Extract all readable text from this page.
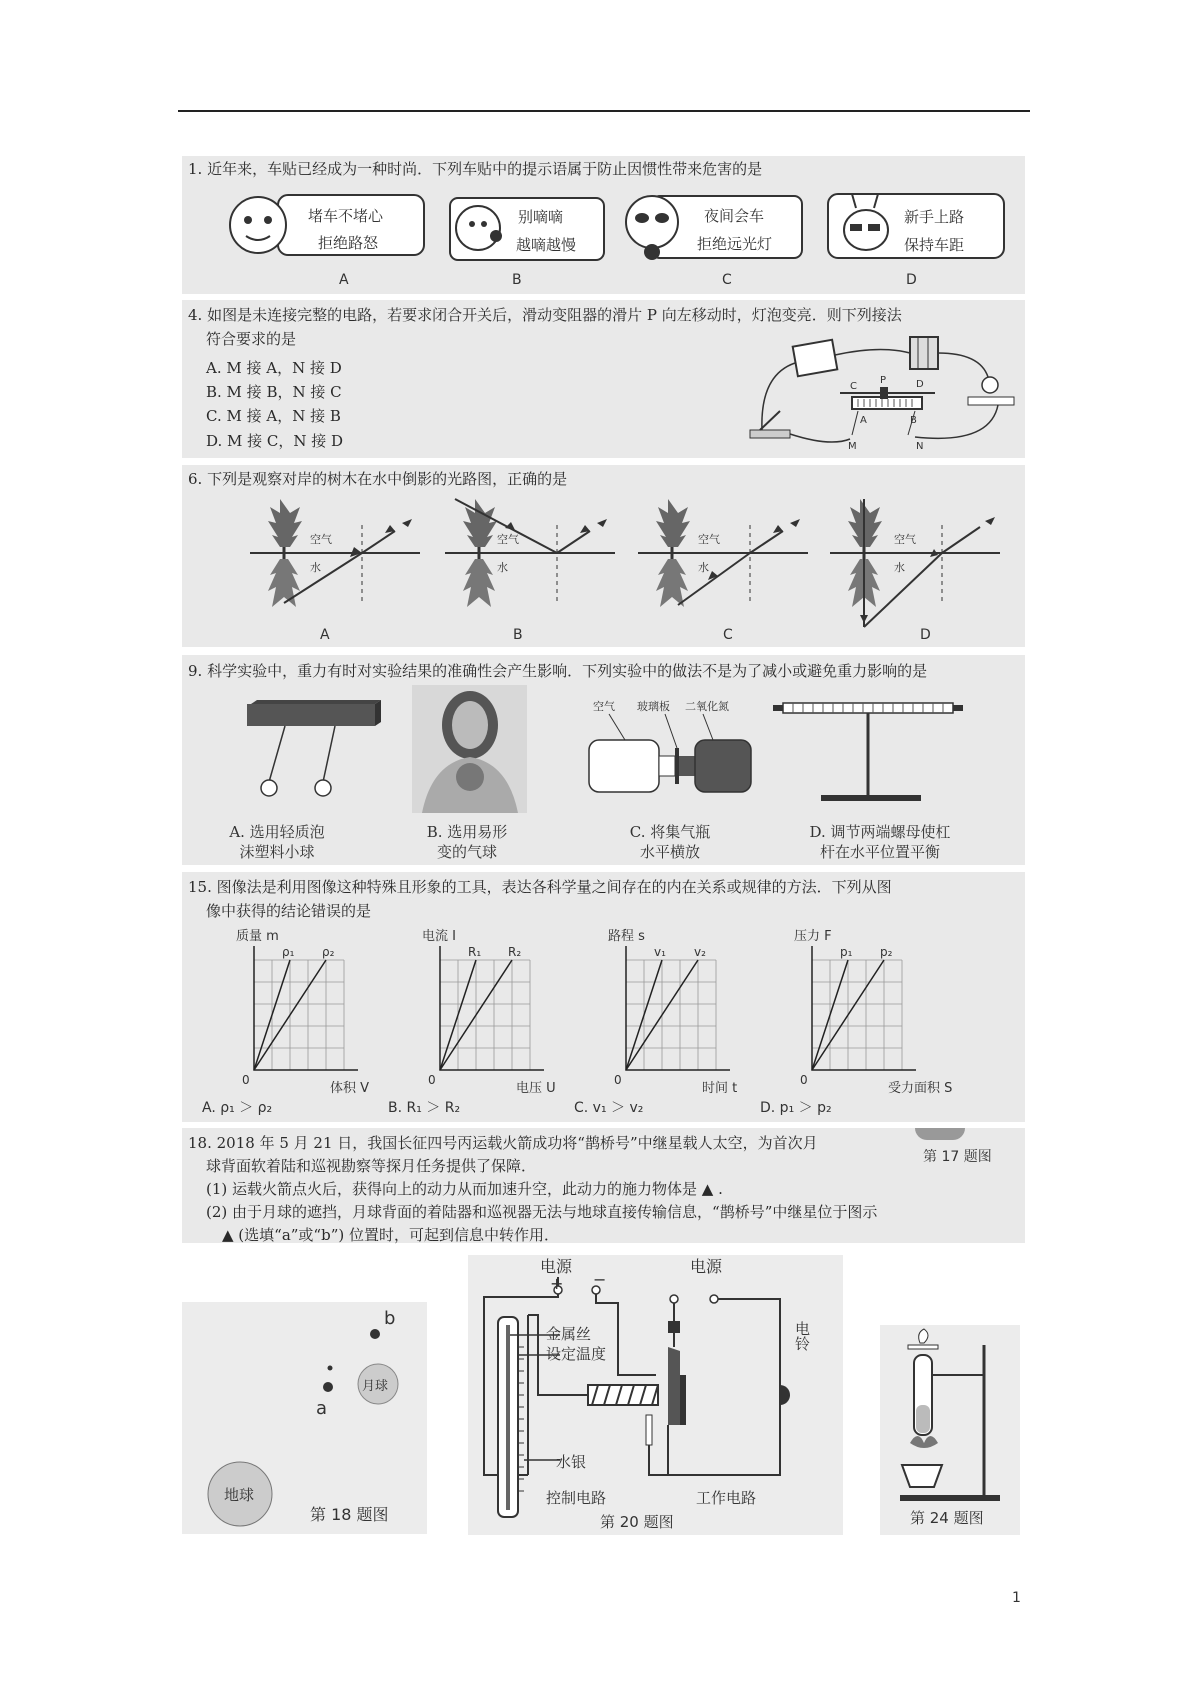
1. 近年来，车贴已经成为一种时尚．下列车贴中的提示语属于防止因惯性带来危害的是
堵车不堵心
拒绝路怒
A
别嘀嘀
越嘀越慢
B
夜间会车
拒绝远光灯
C
新手上路
保持车距
D
4. 如图是未连接完整的电路，若要求闭合开关后，滑动变阻器的滑片 P 向左移动时，灯泡变亮．则下列接法
符合要求的是
A. M 接 A，N 接 D
B. M 接 B，N 接 C
C. M 接 A，N 接 B
D. M 接 C，N 接 D
C
P	D
A	B
M	N
6. 下列是观察对岸的树木在水中倒影的光路图，正确的是
空气
水
A
空气
水
B
空气
水
C
空气
水
D
9. 科学实验中，重力有时对实验结果的准确性会产生影响．下列实验中的做法不是为了减小或避免重力影响的是
空气 玻璃板 二氧化氮
A. 选用轻质泡
沫塑料小球
B. 选用易形
变的气球
C. 将集气瓶
水平横放
D. 调节两端螺母使杠
杆在水平位置平衡
15. 图像法是利用图像这种特殊且形象的工具，表达各科学量之间存在的内在关系或规律的方法．下列从图
像中获得的结论错误的是
质量 m
体积 V
ρ₁ ρ₂
0
A. ρ₁ ＞ ρ₂
电流 I
电压 U
R₁ R₂
0
B. R₁ ＞ R₂
路程 s
时间 t
v₁ v₂
0
C. v₁ ＞ v₂
压力 F
受力面积 S
p₁ p₂
0
D. p₁ ＞ p₂
18. 2018 年 5 月 21 日，我国长征四号丙运载火箭成功将“鹊桥号”中继星载人太空，为首次月
球背面软着陆和巡视勘察等探月任务提供了保障．
(1) 运载火箭点火后，获得向上的动力从而加速升空，此动力的施力物体是 ▲ .
(2) 由于月球的遮挡，月球背面的着陆器和巡视器无法与地球直接传输信息，“鹊桥号”中继星位于图示
▲ (选填“a”或“b”) 位置时，可起到信息中转作用．
第 17 题图
b
a
月球
地球
第 18 题图
电源
+ −
电源
金属丝
设定温度
水银
电铃
控制电路	工作电路
第 20 题图	第 24 题图
1
